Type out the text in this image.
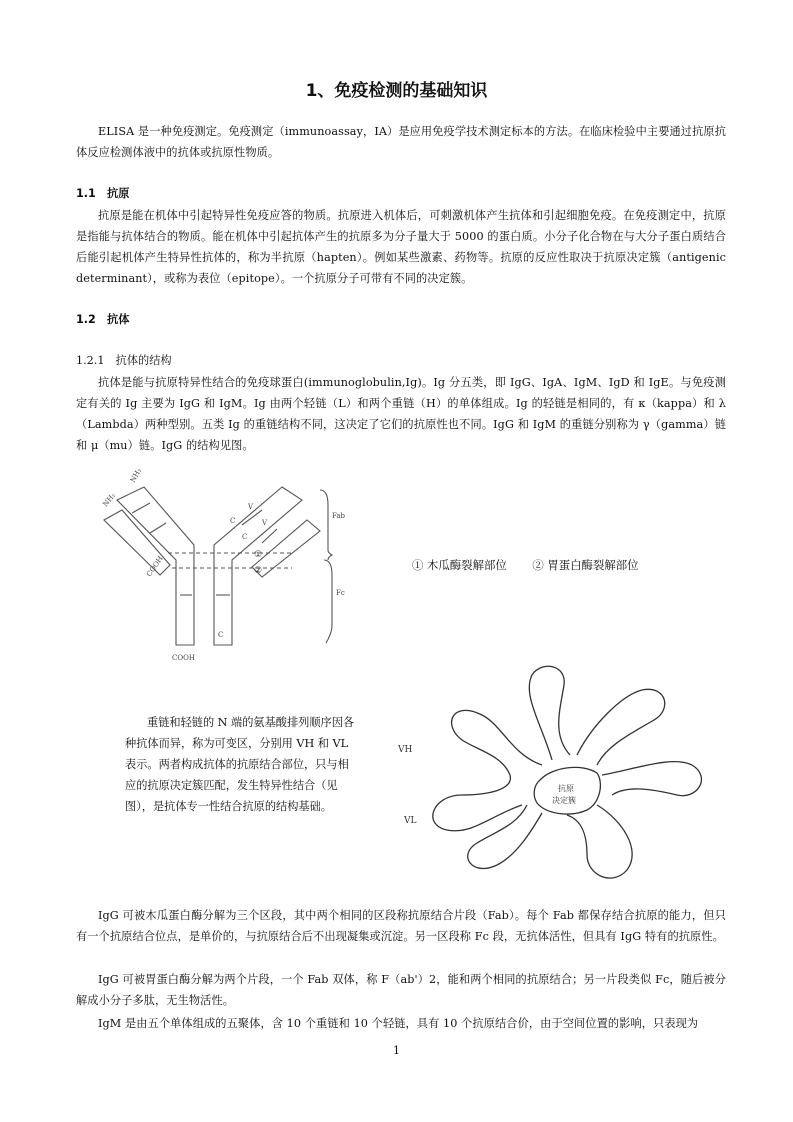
1、免疫检测的基础知识

ELISA 是一种免疫测定。免疫测定（immunoassay，IA）是应用免疫学技术测定标本的方法。在临床检验中主要通过抗原抗体反应检测体液中的抗体或抗原性物质。

1.1　抗原

抗原是能在机体中引起特异性免疫应答的物质。抗原进入机体后，可刺激机体产生抗体和引起细胞免疫。在免疫测定中，抗原是指能与抗体结合的物质。能在机体中引起抗体产生的抗原多为分子量大于 5000 的蛋白质。小分子化合物在与大分子蛋白质结合后能引起机体产生特异性抗体的，称为半抗原（hapten）。例如某些激素、药物等。抗原的反应性取决于抗原决定簇（antigenic determinant），或称为表位（epitope）。一个抗原分子可带有不同的决定簇。

1.2　抗体
1.2.1　抗体的结构

抗体是能与抗原特异性结合的免疫球蛋白(immunoglobulin,Ig)。Ig 分五类，即 IgG、IgA、IgM、IgD 和 IgE。与免疫测定有关的 Ig 主要为 IgG 和 IgM。Ig 由两个轻链（L）和两个重链（H）的单体组成。Ig 的轻链是相同的，有 κ（kappa）和 λ（Lambda）两种型别。五类 Ig 的重链结构不同，这决定了它们的抗原性也不同。IgG 和 IgM 的重链分别称为 γ（gamma）链和 μ（mu）链。IgG 的结构见图。

NH₂
NH₂
COOH
COOH
C
V
C
V
C
①
②
Fab
Fc
① 木瓜酶裂解部位 ② 胃蛋白酶裂解部位
VH
VL
抗原
决定簇

重链和轻链的 N 端的氨基酸排列顺序因各种抗体而异，称为可变区，分别用 VH 和 VL 表示。两者构成抗体的抗原结合部位，只与相应的抗原决定簇匹配，发生特异性结合（见图），是抗体专一性结合抗原的结构基础。

IgG 可被木瓜蛋白酶分解为三个区段，其中两个相同的区段称抗原结合片段（Fab）。每个 Fab 都保存结合抗原的能力，但只有一个抗原结合位点，是单价的，与抗原结合后不出现凝集或沉淀。另一区段称 Fc 段，无抗体活性，但具有 IgG 特有的抗原性。

IgG 可被胃蛋白酶分解为两个片段，一个 Fab 双体，称 F（ab'）2，能和两个相同的抗原结合；另一片段类似 Fc，随后被分解成小分子多肽，无生物活性。

IgM 是由五个单体组成的五聚体，含 10 个重链和 10 个轻链，具有 10 个抗原结合价，由于空间位置的影响，只表现为

1
